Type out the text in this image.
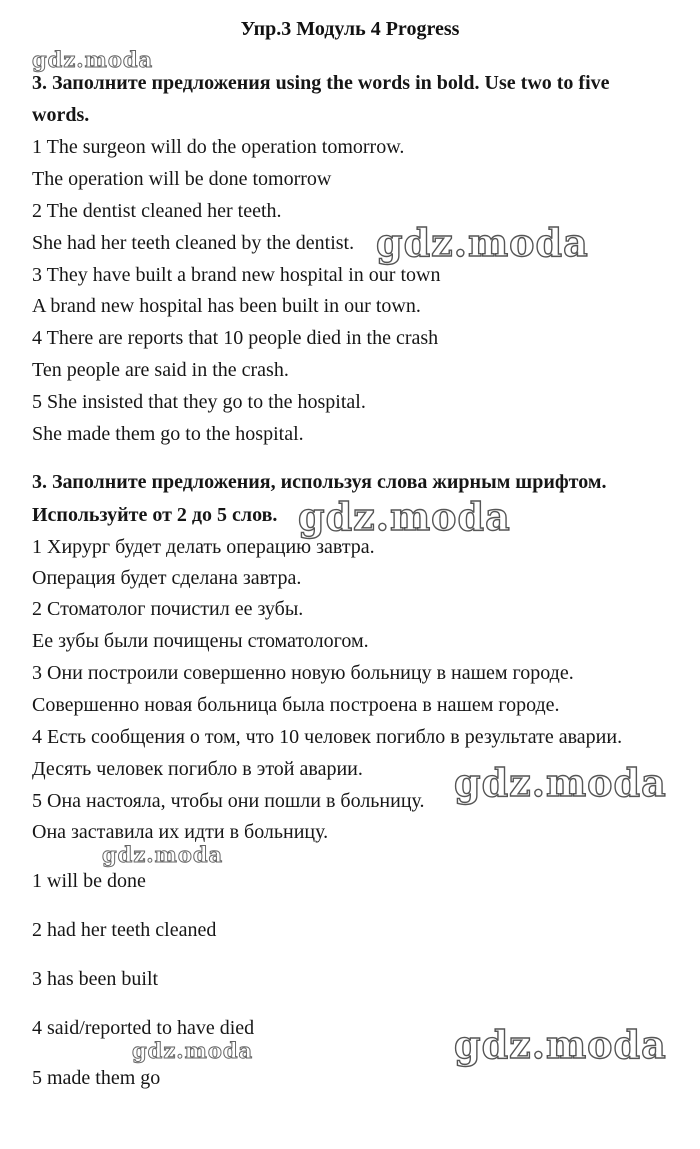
Упр.3 Модуль 4 Progress
gdz.moda
gdz.moda
gdz.moda
gdz.moda
gdz.moda
gdz.moda	gdz.moda
3. Заполните предложения using the words in bold. Use two to five
words.
1 The surgeon will do the operation tomorrow.
The operation will be done tomorrow
2 The dentist cleaned her teeth.
She had her teeth cleaned by the dentist.
3 They have built a brand new hospital in our town
A brand new hospital has been built in our town.
4 There are reports that 10 people died in the crash
Ten people are said in the crash.
5 She insisted that they go to the hospital.
She made them go to the hospital.
3. Заполните предложения, используя слова жирным шрифтом.
Используйте от 2 до 5 слов.
1 Хирург будет делать операцию завтра.
Операция будет сделана завтра.
2 Стоматолог почистил ее зубы.
Ее зубы были почищены стоматологом.
3 Они построили совершенно новую больницу в нашем городе.
Совершенно новая больница была построена в нашем городе.
4 Есть сообщения о том, что 10 человек погибло в результате аварии.
Десять человек погибло в этой аварии.
5 Она настояла, чтобы они пошли в больницу.
Она заставила их идти в больницу.
1 will be done
2 had her teeth cleaned
3 has been built
4 said/reported to have died
5 made them go
